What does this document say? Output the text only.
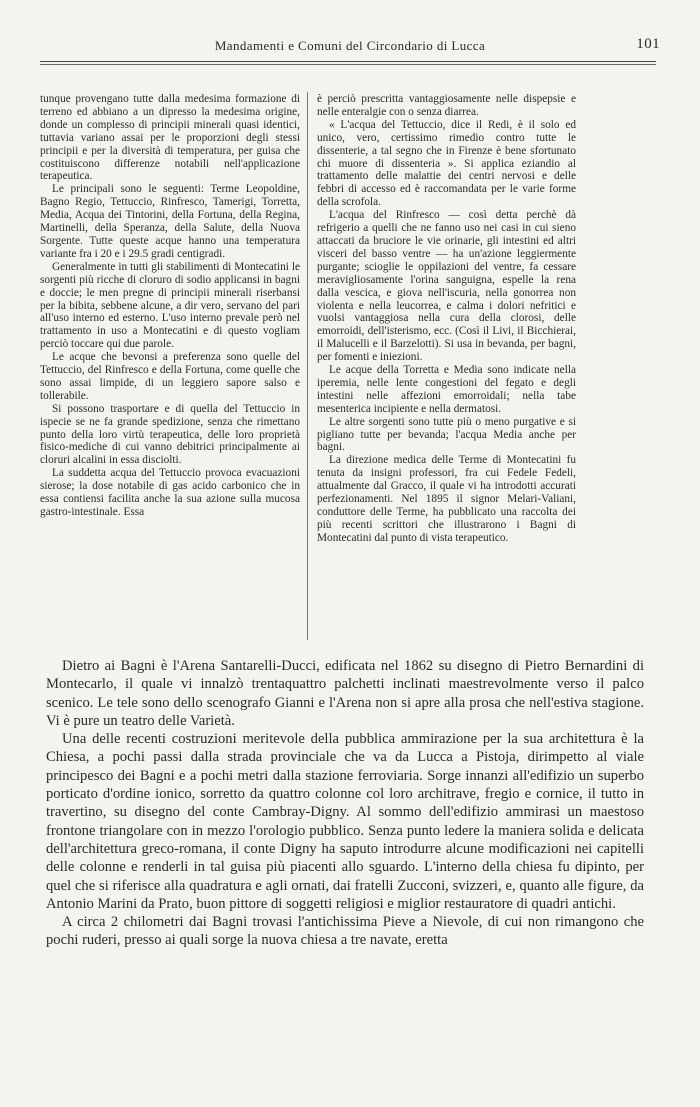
Mandamenti e Comuni del Circondario di Lucca	101

tunque provengano tutte dalla medesima formazione di terreno ed abbiano a un dipresso la medesima origine, donde un complesso di principii minerali quasi identici, tuttavia variano assai per le proporzioni degli stessi principii e per la diversità di temperatura, per guisa che costituiscono differenze notabili nell'applicazione terapeutica.

Le principali sono le seguenti: Terme Leopoldine, Bagno Regio, Tettuccio, Rinfresco, Tamerigi, Torretta, Media, Acqua dei Tintorini, della Fortuna, della Regina, Martinelli, della Speranza, della Salute, della Nuova Sorgente. Tutte queste acque hanno una temperatura variante fra i 20 e i 29.5 gradi centigradi.

Generalmente in tutti gli stabilimenti di Montecatini le sorgenti più ricche di cloruro di sodio applicansi in bagni e doccie; le men pregne di principii minerali riserbansi per la bibita, sebbene alcune, a dir vero, servano del pari all'uso interno ed esterno. L'uso interno prevale però nel trattamento in uso a Montecatini e di questo vogliam perciò toccare qui due parole.

Le acque che bevonsi a preferenza sono quelle del Tettuccio, del Rinfresco e della Fortuna, come quelle che sono assai limpide, di un leggiero sapore salso e tollerabile.

Si possono trasportare e di quella del Tettuccio in ispecie se ne fa grande spedizione, senza che rimettano punto della loro virtù terapeutica, delle loro proprietà fisico-mediche di cui vanno debitrici principalmente ai cloruri alcalini in essa disciolti.

La suddetta acqua del Tettuccio provoca evacuazioni sierose; la dose notabile di gas acido carbonico che in essa contiensi facilita anche la sua azione sulla mucosa gastro-intestinale. Essa

è perciò prescritta vantaggiosamente nelle dispepsie e nelle enteralgie con o senza diarrea.

« L'acqua del Tettuccio, dice il Redi, è il solo ed unico, vero, certissimo rimedio contro tutte le dissenterie, a tal segno che in Firenze è bene sfortunato chi muore di dissenteria ». Si applica eziandio al trattamento delle malattie dei centri nervosi e delle febbri di accesso ed è raccomandata per le varie forme della scrofola.

L'acqua del Rinfresco — così detta perchè dà refrigerio a quelli che ne fanno uso nei casi in cui sieno attaccati da bruciore le vie orinarie, gli intestini ed altri visceri del basso ventre — ha un'azione leggiermente purgante; scioglie le oppilazioni del ventre, fa cessare meravigliosamente l'orina sanguigna, espelle la rena dalla vescica, e giova nell'iscuria, nella gonorrea non violenta e nella leucorrea, e calma i dolori nefritici e vuolsi vantaggiosa nella cura della clorosi, delle emorroidi, dell'isterismo, ecc. (Così il Livi, il Bicchierai, il Malucelli e il Barzelotti). Si usa in bevanda, per bagni, per fomenti e iniezioni.

Le acque della Torretta e Media sono indicate nella iperemia, nelle lente congestioni del fegato e degli intestini nelle affezioni emorroidali; nella tabe mesenterica incipiente e nella dermatosi.

Le altre sorgenti sono tutte più o meno purgative e si pigliano tutte per bevanda; l'acqua Media anche per bagni.

La direzione medica delle Terme di Montecatini fu tenuta da insigni professori, fra cui Fedele Fedeli, attualmente dal Gracco, il quale vi ha introdotti accurati perfezionamenti. Nel 1895 il signor Melari-Valiani, conduttore delle Terme, ha pubblicato una raccolta dei più recenti scrittori che illustrarono i Bagni di Montecatini dal punto di vista terapeutico.

Dietro ai Bagni è l'Arena Santarelli-Ducci, edificata nel 1862 su disegno di Pietro Bernardini di Montecarlo, il quale vi innalzò trentaquattro palchetti inclinati maestrevolmente verso il palco scenico. Le tele sono dello scenografo Gianni e l'Arena non si apre alla prosa che nell'estiva stagione. Vi è pure un teatro delle Varietà.

Una delle recenti costruzioni meritevole della pubblica ammirazione per la sua architettura è la Chiesa, a pochi passi dalla strada provinciale che va da Lucca a Pistoja, dirimpetto al viale principesco dei Bagni e a pochi metri dalla stazione ferroviaria. Sorge innanzi all'edifizio un superbo porticato d'ordine ionico, sorretto da quattro colonne col loro architrave, fregio e cornice, il tutto in travertino, su disegno del conte Cambray-Digny. Al sommo dell'edifizio ammirasi un maestoso frontone triangolare con in mezzo l'orologio pubblico. Senza punto ledere la maniera solida e delicata dell'architettura greco-romana, il conte Digny ha saputo introdurre alcune modificazioni nei capitelli delle colonne e renderli in tal guisa più piacenti allo sguardo. L'interno della chiesa fu dipinto, per quel che si riferisce alla quadratura e agli ornati, dai fratelli Zucconi, svizzeri, e, quanto alle figure, da Antonio Marini da Prato, buon pittore di soggetti religiosi e miglior restauratore di quadri antichi.

A circa 2 chilometri dai Bagni trovasi l'antichissima Pieve a Nievole, di cui non rimangono che pochi ruderi, presso ai quali sorge la nuova chiesa a tre navate, eretta
